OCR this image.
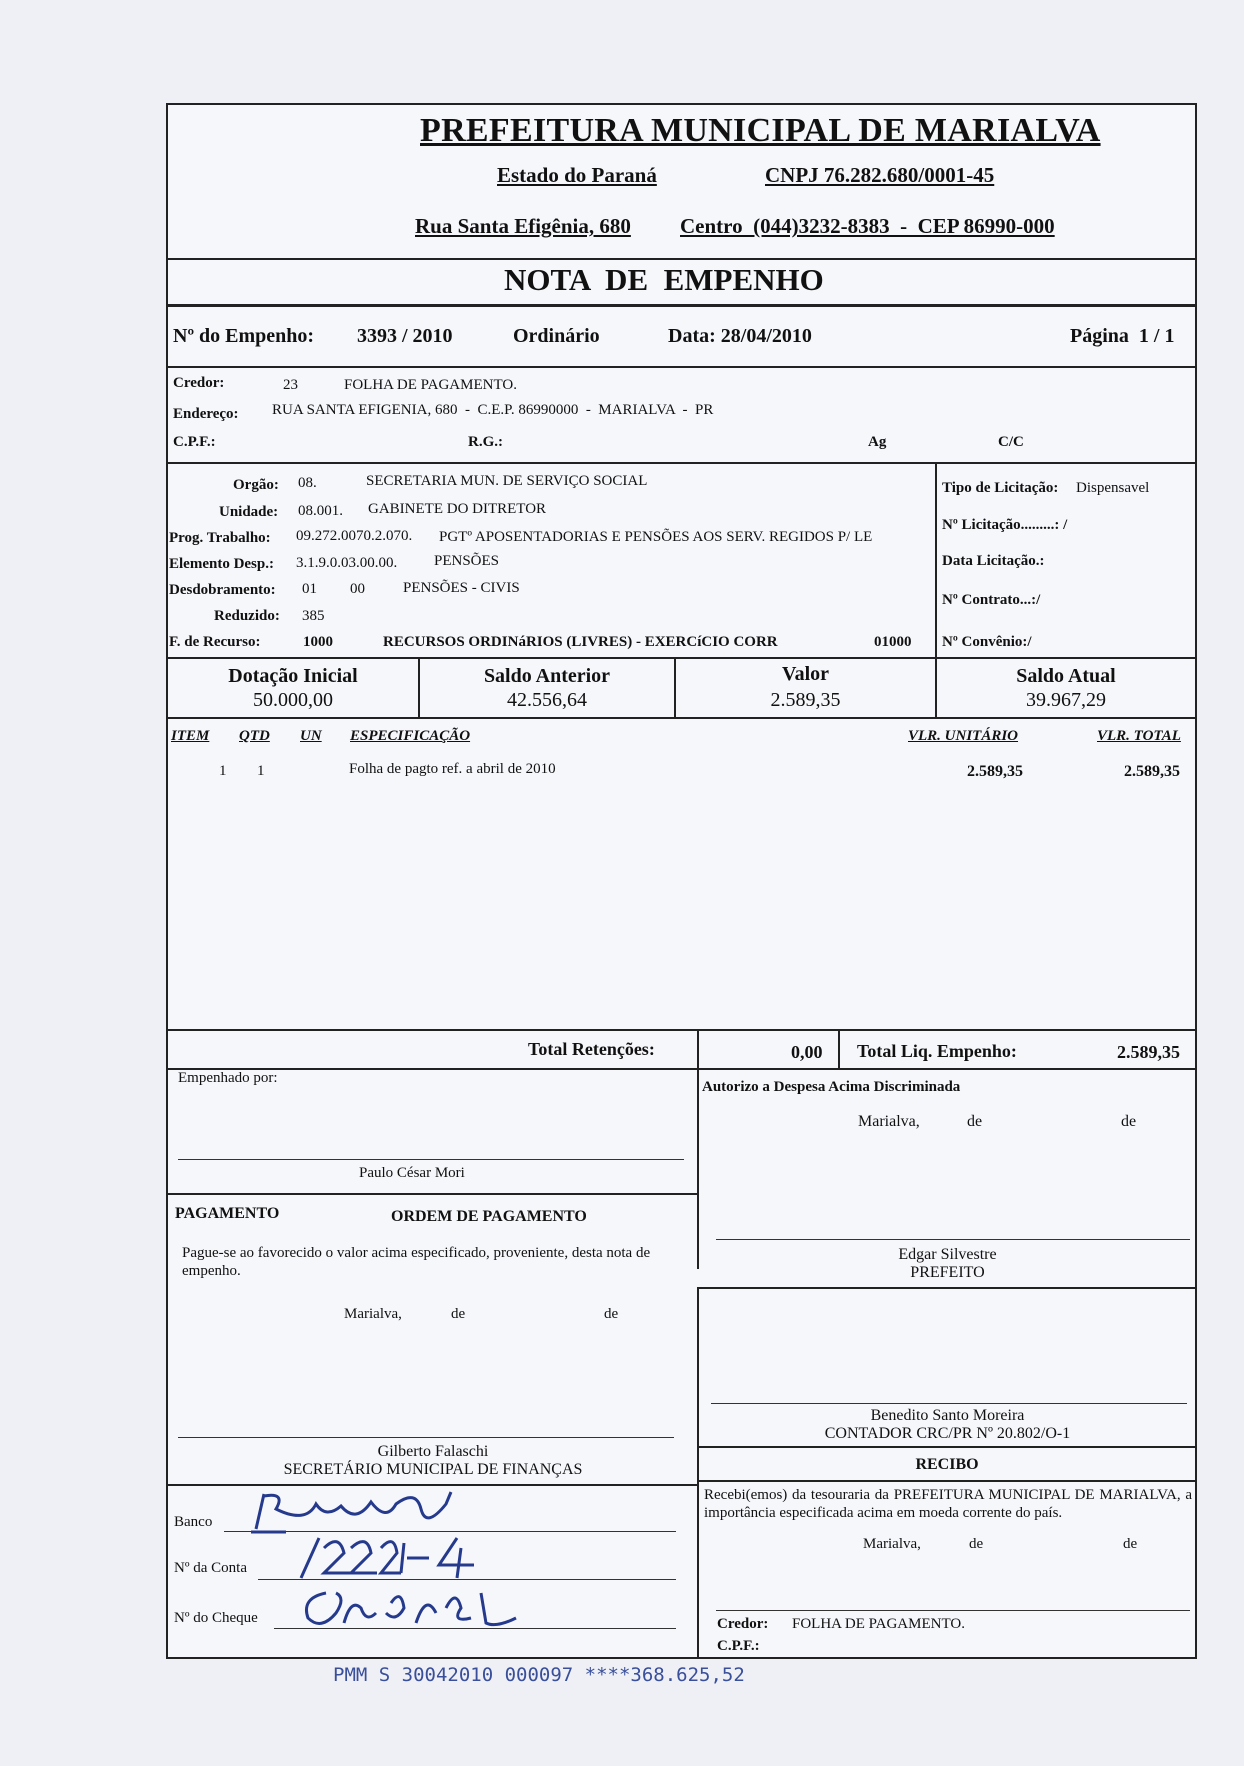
PREFEITURA MUNICIPAL DE MARIALVA
Estado do Paraná	CNPJ 76.282.680/0001-45
Rua Santa Efigênia, 680 Centro  (044)3232-8383  -  CEP 86990-000
NOTA  DE  EMPENHO
Nº do Empenho: 3393 / 2010	Ordinário	Data: 28/04/2010	Página  1 / 1
Credor:	23	FOLHA DE PAGAMENTO.
Endereço: RUA SANTA EFIGENIA, 680  -  C.E.P. 86990000  -  MARIALVA  -  PR
C.P.F.:	R.G.:	Ag	C/C
Orgão: 08.	SECRETARIA MUN. DE SERVIÇO SOCIAL
Unidade: 08.001. GABINETE DO DITRETOR
Prog. Trabalho: 09.272.0070.2.070. PGTº APOSENTADORIAS E PENSÕES AOS SERV. REGIDOS P/ LE
Elemento Desp.: 3.1.9.0.03.00.00. PENSÕES
Desdobramento: 01 00	PENSÕES - CIVIS
Reduzido: 385
F. de Recurso:	1000	RECURSOS ORDINáRIOS (LIVRES) - EXERCíCIO CORR	01000
Tipo de Licitação: Dispensavel
Nº Licitação.........: /
Data Licitação.:
Nº Contrato...:/
Nº Convênio:/
Dotação Inicial
50.000,00
Saldo Anterior
42.556,64
Valor
2.589,35
Saldo Atual
39.967,29
ITEM QTD UN ESPECIFICAÇÃO	VLR. UNITÁRIO	VLR. TOTAL
1 1	Folha de pagto ref. a abril de 2010	2.589,35	2.589,35
Total Retenções:	0,00 Total Liq. Empenho:	2.589,35
Empenhado por:
Paulo César Mori
Autorizo a Despesa Acima Discriminada
Marialva,	de	de
PAGAMENTO	ORDEM DE PAGAMENTO
Pague-se ao favorecido o valor acima especificado, proveniente, desta nota de empenho.
Marialva,	de	de
Edgar Silvestre
PREFEITO
Benedito Santo Moreira
CONTADOR CRC/PR Nº 20.802/O-1
Gilberto Falaschi
SECRETÁRIO MUNICIPAL DE FINANÇAS	RECIBO
Recebi(emos) da tesouraria da PREFEITURA MUNICIPAL DE MARIALVA, a importância especificada acima em moeda corrente do país.
Marialva,	de	de
Credor: FOLHA DE PAGAMENTO.
C.P.F.:
Banco
Nº da Conta
Nº do Cheque
PMM S 30042010 000097 ****368.625,52
